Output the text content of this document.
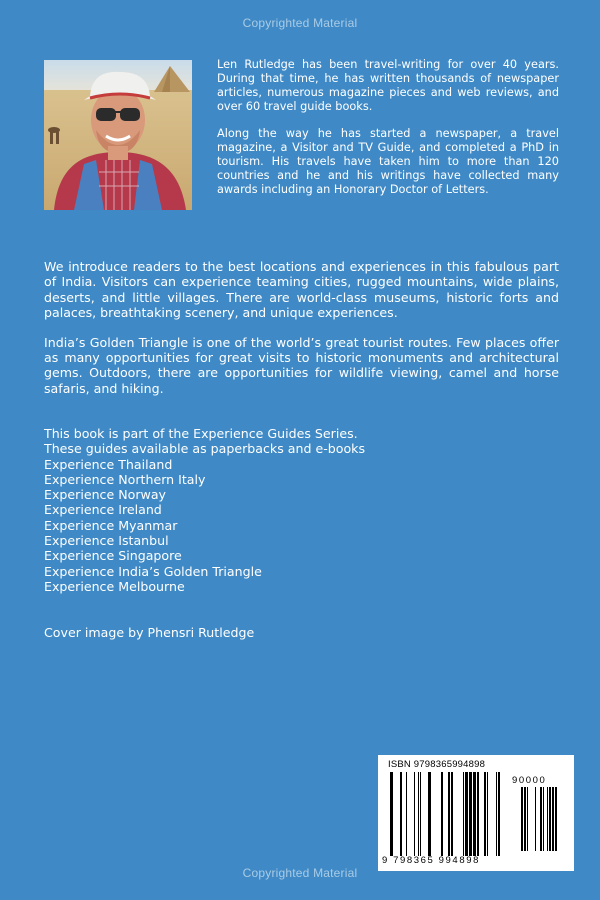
Copyrighted Material

Len Rutledge has been travel-writing for over 40 years. During that time, he has written thousands of newspaper articles, numerous magazine pieces and web reviews, and over 60 travel guide books.

Along the way he has started a newspaper, a travel magazine, a Visitor and TV Guide, and completed a PhD in tourism. His travels have taken him to more than 120 countries and he and his writings have collected many awards including an Honorary Doctor of Letters.

We introduce readers to the best locations and experiences in this fabulous part of India. Visitors can experience teaming cities, rugged mountains, wide plains, deserts, and little villages. There are world-class museums, historic forts and palaces, breathtaking scenery, and unique experiences.

India’s Golden Triangle is one of the world’s great tourist routes. Few places offer as many opportunities for great visits to historic monuments and architectural gems. Outdoors, there are opportunities for wildlife viewing, camel and horse safaris, and hiking.

This book is part of the Experience Guides Series.
These guides available as paperbacks and e-books
Experience Thailand
Experience Northern Italy
Experience Norway
Experience Ireland
Experience Myanmar
Experience Istanbul
Experience Singapore
Experience India’s Golden Triangle
Experience Melbourne
Cover image by Phensri Rutledge
ISBN 9798365994898
90000
9 798365 994898
Copyrighted Material
